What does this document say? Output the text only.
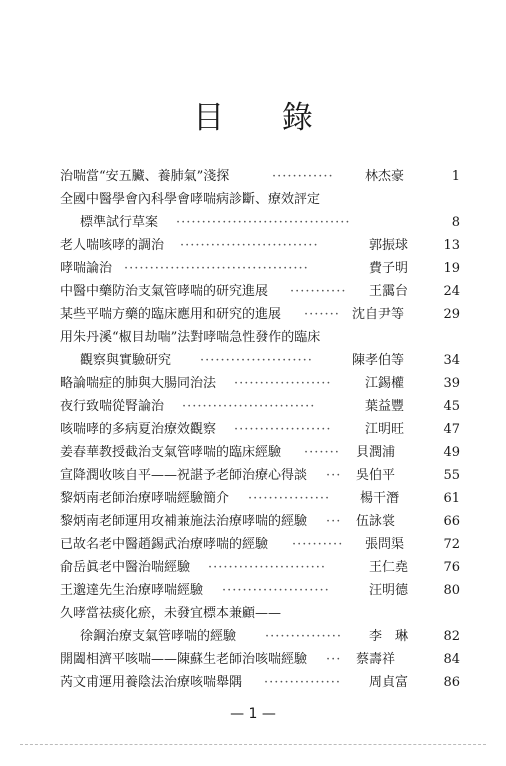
目 錄
治喘當“安五臟、養肺氣”淺探	············	林杰豪	1
全國中醫學會內科學會哮喘病診斷、療效評定
標準試行草案 ··································	8
老人喘咳哮的調治 ···························	郭振球	13
哮喘論治 ····································	費子明	19
中醫中藥防治支氣管哮喘的研究進展 ···········	王靄台	24
某些平喘方藥的臨床應用和研究的進展 ······· 沈自尹等	29
用朱丹溪“椒目劫喘”法對哮喘急性發作的臨床
觀察與實驗研究 ······················	陳孝伯等	34
略論喘症的肺與大腸同治法 ···················	江錫權	39
夜行致喘從腎論治 ··························	葉益豐	45
咳喘哮的多病夏治療效觀察 ···················	江明旺	47
姜春華教授截治支氣管哮喘的臨床經驗 ·······	貝潤浦	49
宣降潤收咳自平——祝諶予老師治療心得談 ···	吳伯平	55
黎炳南老師治療哮喘經驗簡介 ················	楊干潛	61
黎炳南老師運用攻補兼施法治療哮喘的經驗 ···	伍詠裳	66
已故名老中醫趙錫武治療哮喘的經驗 ··········	張問渠	72
俞岳眞老中醫治喘經驗 ·······················	王仁堯	76
王邈達先生治療哮喘經驗 ·····················	汪明德	80
久哮當祛痰化瘀，未發宜標本兼顧——
徐鋼治療支氣管哮喘的經驗 ···············	李　琳	82
開闔相濟平咳喘——陳蘇生老師治咳喘經驗 ···	蔡壽祥	84
芮文甫運用養陰法治療咳喘舉隅 ···············	周貞富	86
— 1 —
